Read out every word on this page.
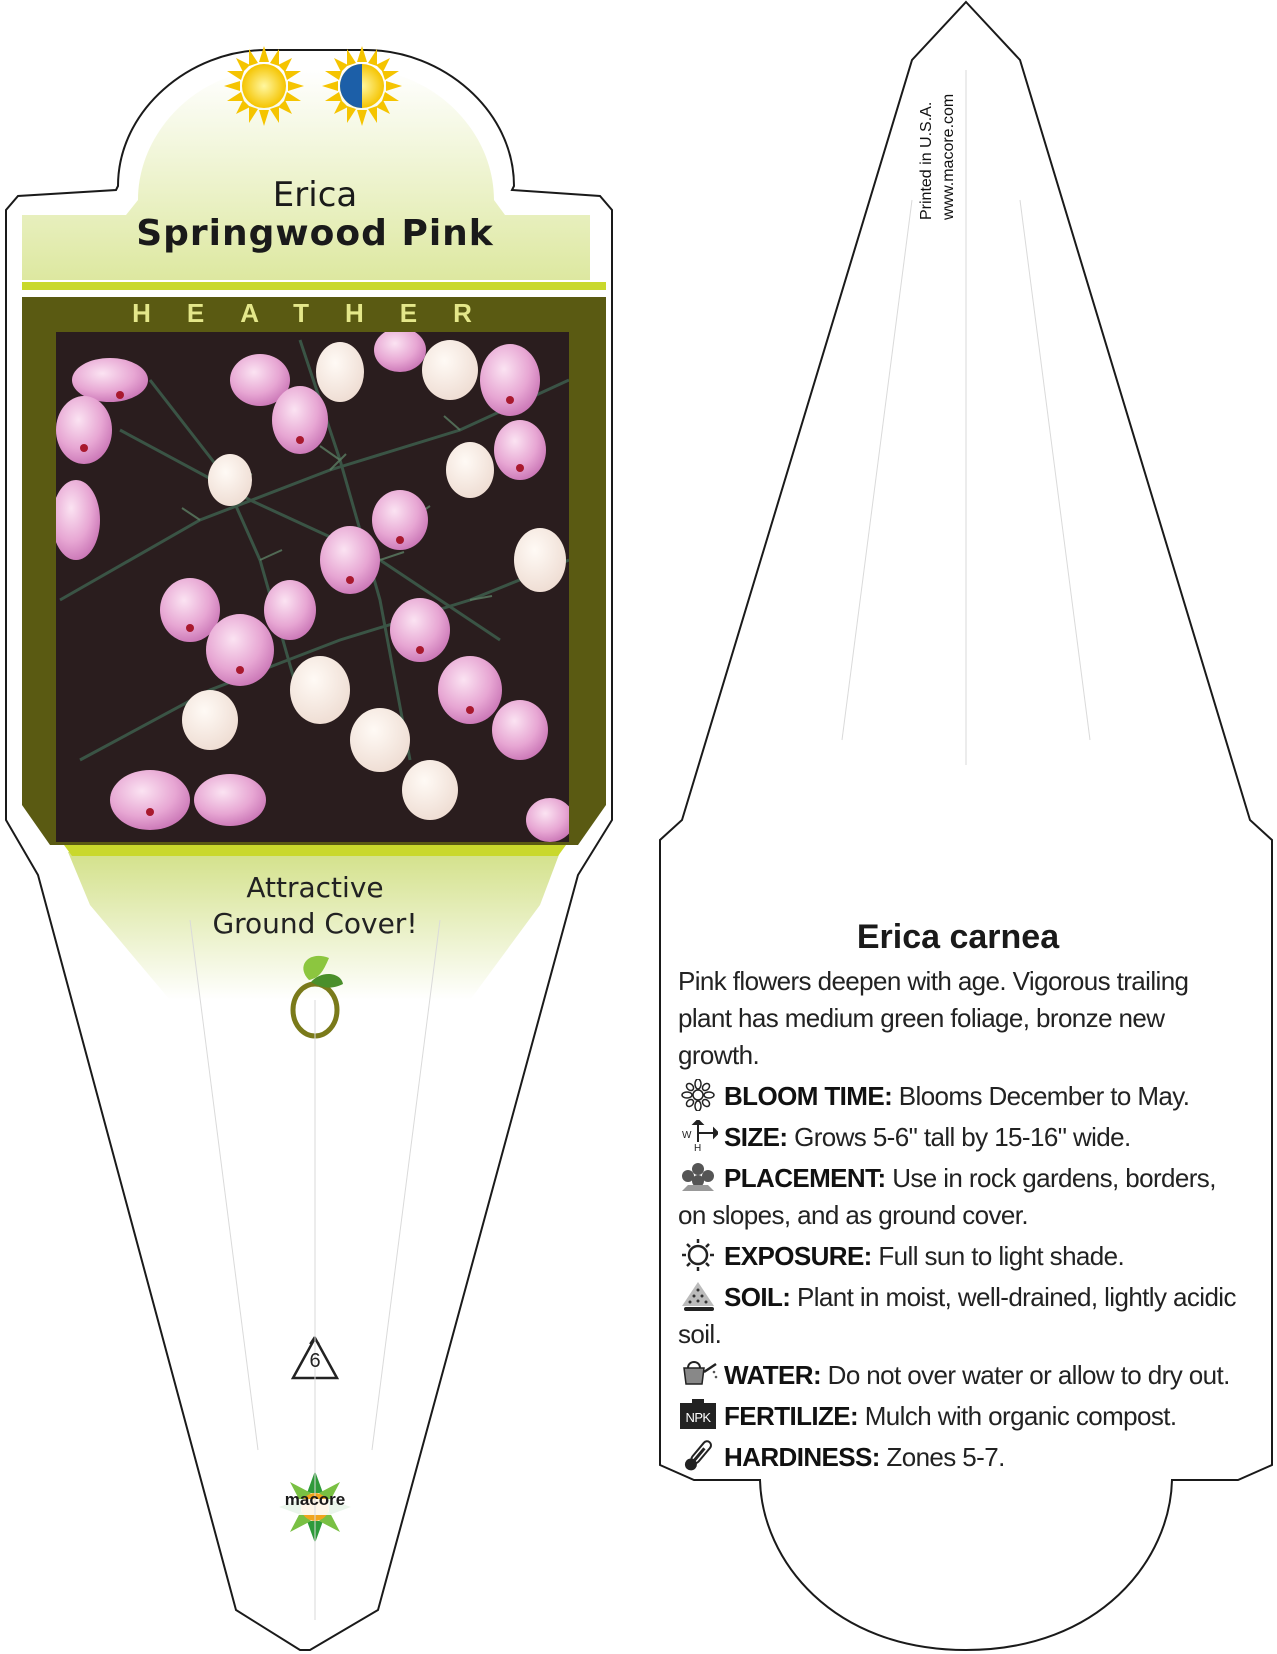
Erica
Springwood Pink
HEATHER
Attractive
Ground Cover!
6
macore
Printed in U.S.A. www.macore.com
Erica carnea

Pink flowers deepen with age. Vigorous trailing plant has medium green foliage, bronze new growth.

BLOOM TIME: Blooms December to May.

W
H SIZE: Grows 5-6" tall by 15-16" wide.

PLACEMENT: Use in rock gardens, borders, on slopes, and as ground cover.

EXPOSURE: Full sun to light shade.

SOIL: Plant in moist, well-drained, lightly acidic soil.

WATER: Do not over water or allow to dry out.

NPK FERTILIZE: Mulch with organic compost.

HARDINESS: Zones 5-7.
